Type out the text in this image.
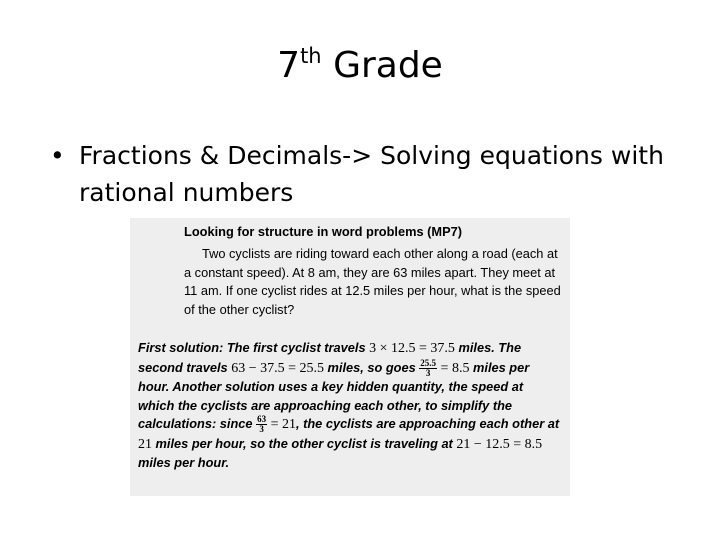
7th Grade
• Fractions & Decimals-> Solving equations with rational numbers
Looking for structure in word problems (MP7)
Two cyclists are riding toward each other along a road (each at a constant speed). At 8 am, they are 63 miles apart. They meet at 11 am. If one cyclist rides at 12.5 miles per hour, what is the speed of the other cyclist?
First solution: The first cyclist travels 3 × 12.5 = 37.5 miles. The second travels 63 − 37.5 = 25.5 miles, so goes $\frac{25.5}{3} = 8.5$ miles per hour. Another solution uses a key hidden quantity, the speed at which the cyclists are approaching each other, to simplify the calculations: since $\frac{63}{3} = 21$, the cyclists are approaching each other at 21 miles per hour, so the other cyclist is traveling at 21 − 12.5 = 8.5 miles per hour.
